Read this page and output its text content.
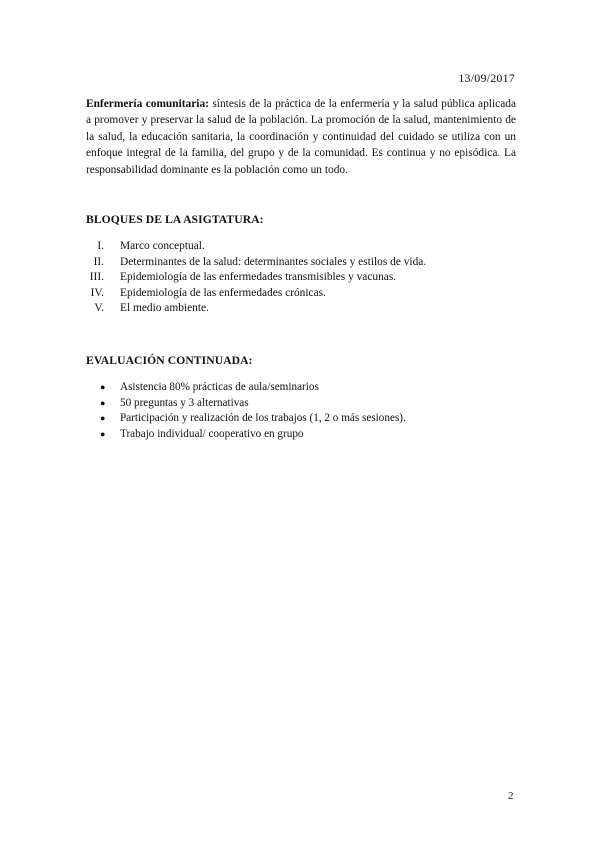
13/09/2017

Enfermería comunitaria: síntesis de la práctica de la enfermería y la salud pública aplicada a promover y preservar la salud de la población. La promoción de la salud, mantenimiento de la salud, la educación sanitaria, la coordinación y continuidad del cuidado se utiliza con un enfoque integral de la familia, del grupo y de la comunidad. Es continua y no episódica. La responsabilidad dominante es la población como un todo.

BLOQUES DE LA ASIGTATURA:
I. Marco conceptual.
II. Determinantes de la salud: determinantes sociales y estilos de vida.
III. Epidemiología de las enfermedades transmisibles y vacunas.
IV. Epidemiología de las enfermedades crónicas.
V. El medio ambiente.
EVALUACIÓN CONTINUADA:
●	Asistencia 80% prácticas de aula/seminarios
●	50 preguntas y 3 alternativas
●	Participación y realización de los trabajos (1, 2 o más sesiones).
●	Trabajo individual/ cooperativo en grupo
2
